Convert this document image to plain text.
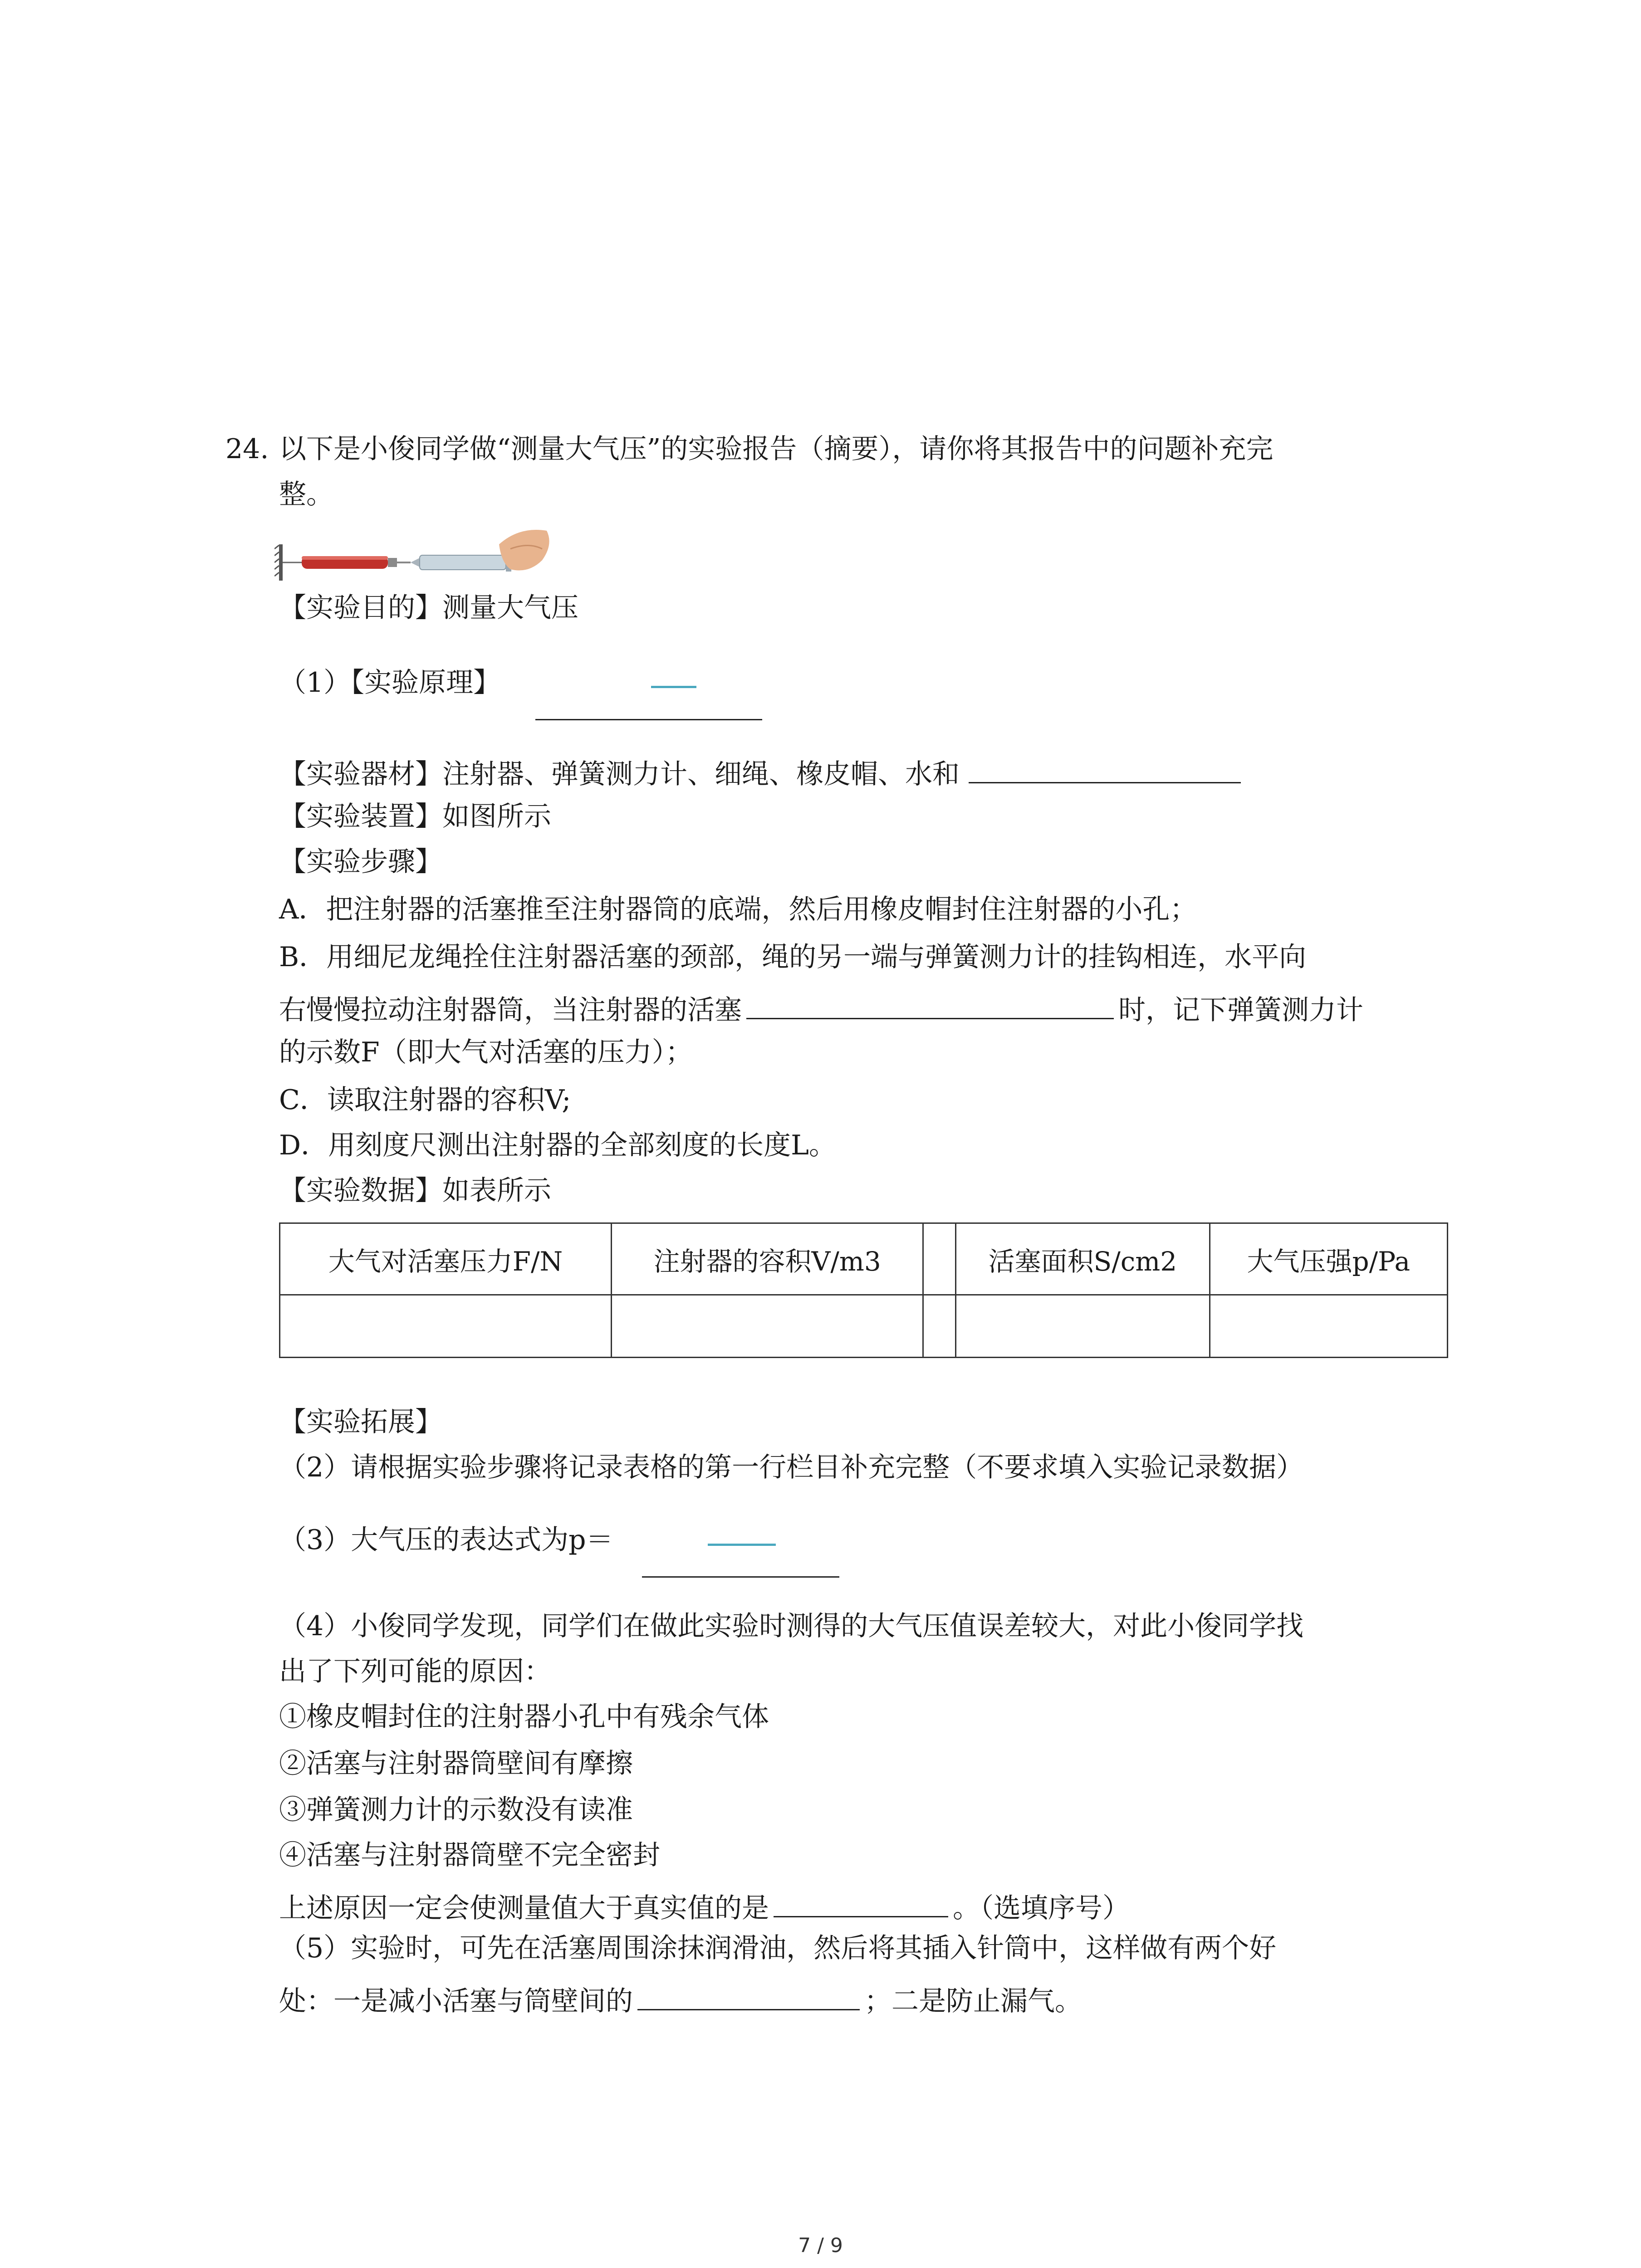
24. 以下是小俊同学做“测量大气压”的实验报告（摘要），请你将其报告中的问题补充完
整。
【实验目的】测量大气压
（1）【实验原理】
【实验器材】注射器、弹簧测力计、细绳、橡皮帽、水和
【实验装置】如图所示
【实验步骤】
A．把注射器的活塞推至注射器筒的底端，然后用橡皮帽封住注射器的小孔；
B．用细尼龙绳拴住注射器活塞的颈部，绳的另一端与弹簧测力计的挂钩相连，水平向
右慢慢拉动注射器筒，当注射器的活塞	时，记下弹簧测力计
的示数F（即大气对活塞的压力）；
C．读取注射器的容积V;
D．用刻度尺测出注射器的全部刻度的长度L。
【实验数据】如表所示
大气对活塞压力F/N	注射器的容积V/m3		活塞面积S/cm2	大气压强p/Pa

【实验拓展】
（2）请根据实验步骤将记录表格的第一行栏目补充完整（不要求填入实验记录数据）
（3）大气压的表达式为p＝
（4）小俊同学发现，同学们在做此实验时测得的大气压值误差较大，对此小俊同学找
出了下列可能的原因：
①橡皮帽封住的注射器小孔中有残余气体
②活塞与注射器筒壁间有摩擦
③弹簧测力计的示数没有读准
④活塞与注射器筒壁不完全密封
上述原因一定会使测量值大于真实值的是	。（选填序号）
（5）实验时，可先在活塞周围涂抹润滑油，然后将其插入针筒中，这样做有两个好
处：一是减小活塞与筒壁间的	；二是防止漏气。
7 / 9
